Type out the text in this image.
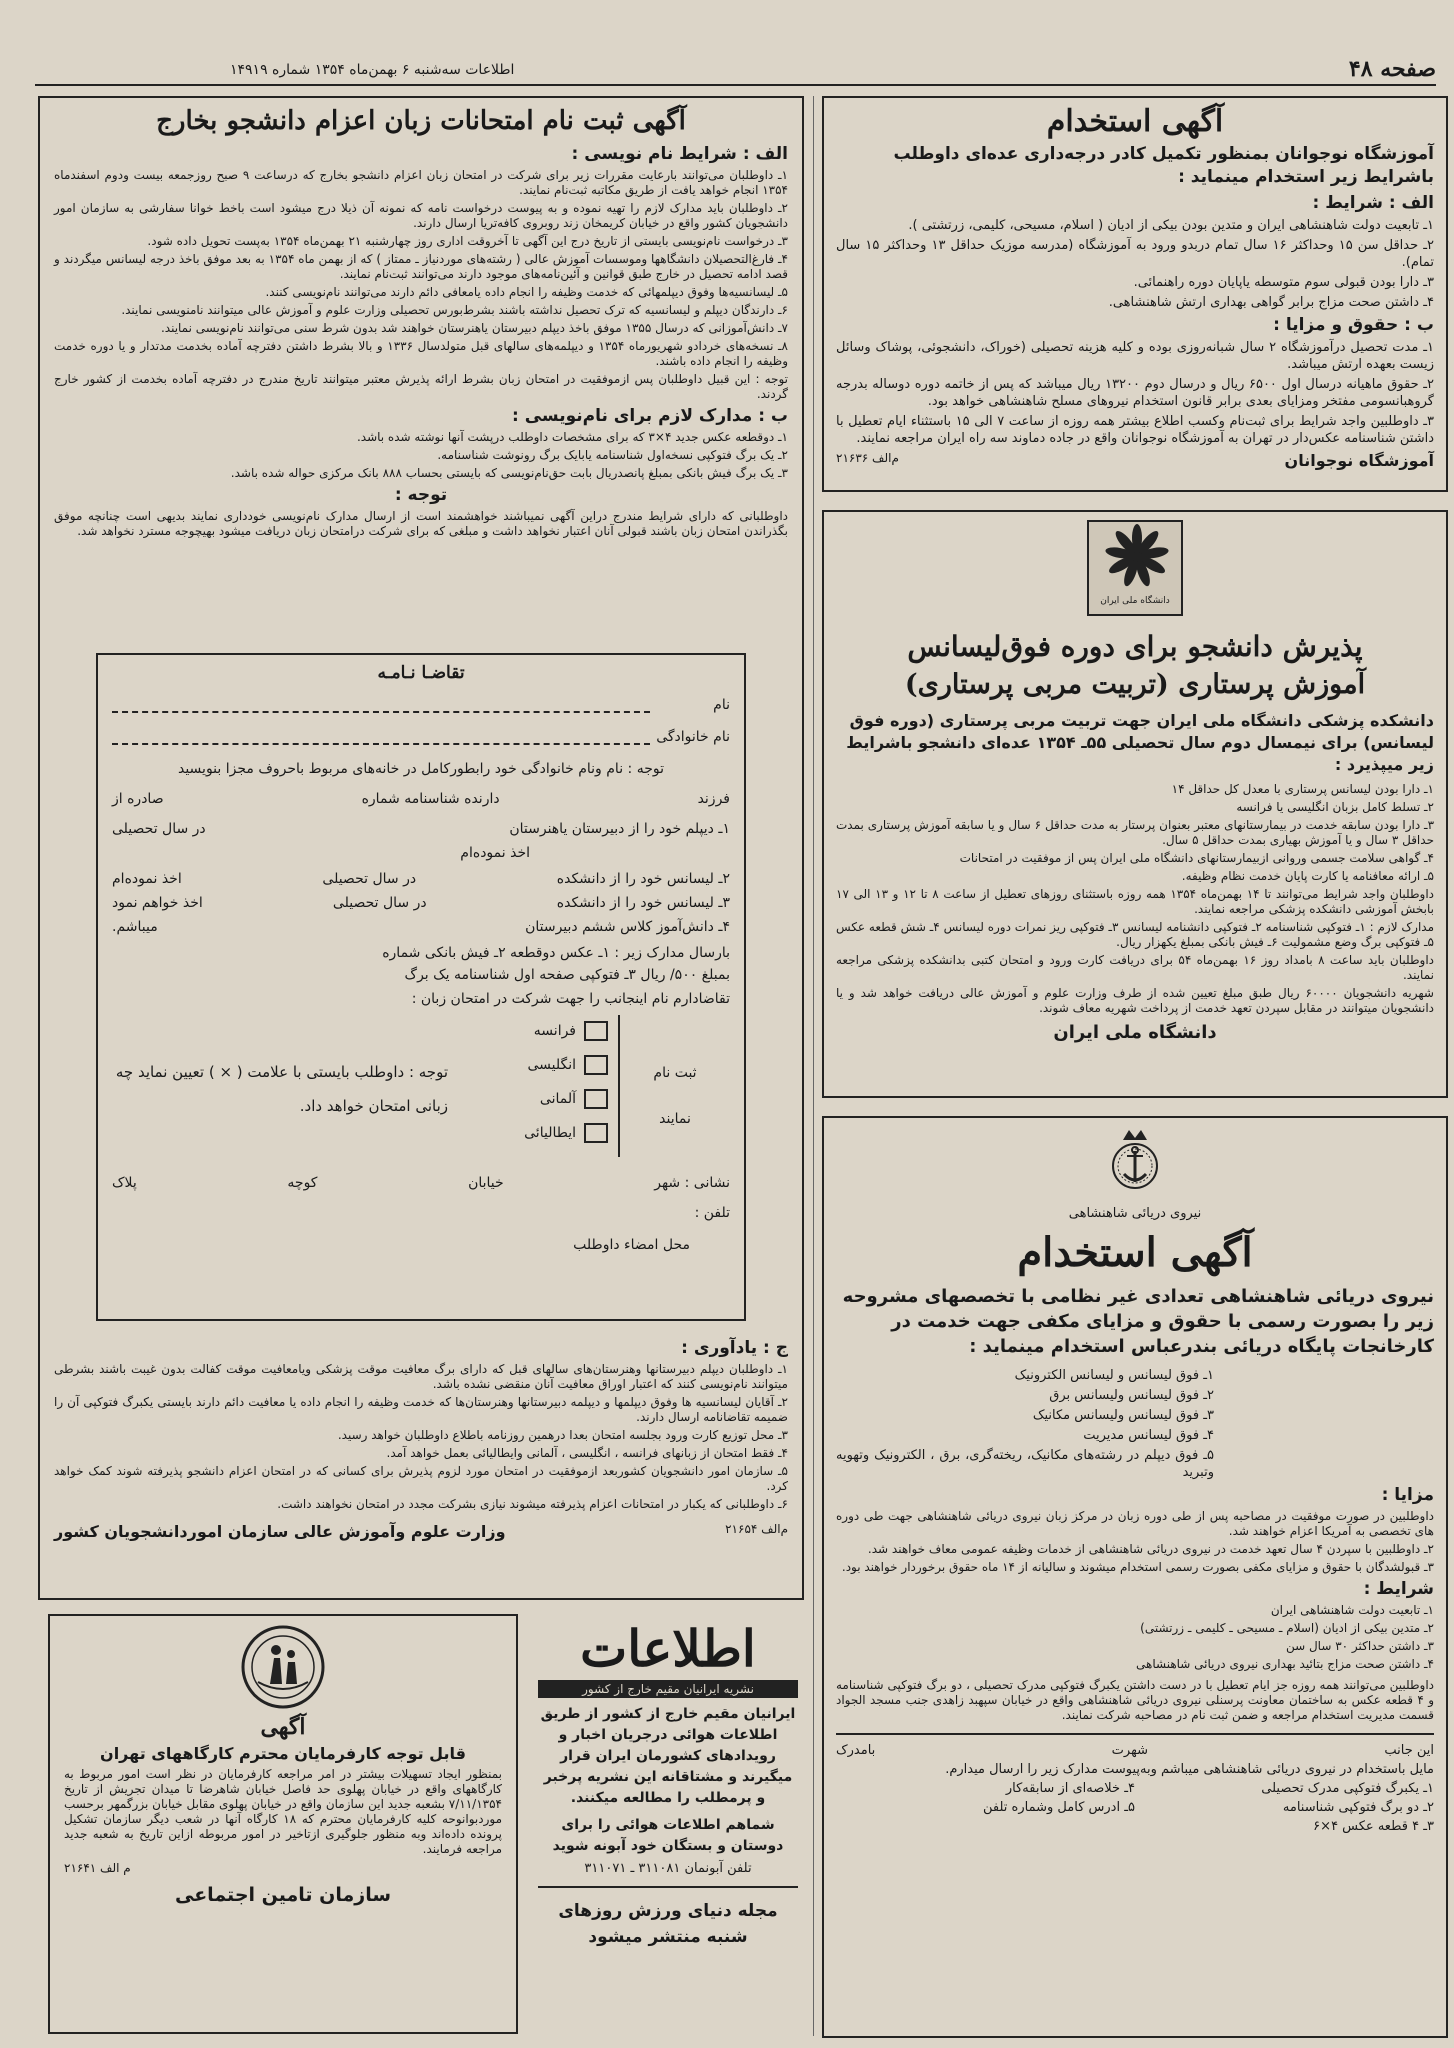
صفحه ۴۸
اطلاعات سه‌شنبه ۶ بهمن‌ماه ۱۳۵۴ شماره ۱۴۹۱۹
آگهی استخدام
آموزشگاه نوجوانان بمنظور تکمیل کادر درجه‌داری عده‌ای داوطلب باشرایط زیر استخدام مینماید :
الف : شرایط :

۱ـ تابعیت دولت شاهنشاهی ایران و متدین بودن بیکی از ادیان ( اسلام، مسیحی، کلیمی، زرتشتی ).

۲ـ حداقل سن ۱۵ وحداکثر ۱۶ سال تمام دربدو ورود به آموزشگاه (مدرسه موزیک حداقل ۱۳ وحداکثر ۱۵ سال تمام).

۳ـ دارا بودن قبولی سوم متوسطه یاپایان دوره راهنمائی.

۴ـ داشتن صحت مزاج برابر گواهی بهداری ارتش شاهنشاهی.

ب : حقوق و مزایا :

۱ـ مدت تحصیل درآموزشگاه ۲ سال شبانه‌روزی بوده و کلیه هزینه تحصیلی (خوراک، دانشجوئی، پوشاک وسائل زیست بعهده ارتش میباشد.

۲ـ حقوق ماهیانه درسال اول ۶۵۰۰ ریال و درسال دوم ۱۳۲۰۰ ریال میباشد که پس از خاتمه دوره دوساله بدرجه گروهبانسومی مفتخر ومزایای بعدی برابر قانون استخدام نیروهای مسلح شاهنشاهی خواهد بود.

۳ـ داوطلبین واجد شرایط برای ثبت‌نام وکسب اطلاع بیشتر همه روزه از ساعت ۷ الی ۱۵ باستثناء ایام تعطیل با داشتن شناسنامه عکس‌دار در تهران به آموزشگاه نوجوانان واقع در جاده دماوند سه راه ایران مراجعه نمایند.

آموزشگاه نوجوانان
م‌الف ۲۱۶۳۶
دانشگاه ملی ایران
پذیرش دانشجو برای دوره فوق‌لیسانس
آموزش پرستاری (تربیت مربی پرستاری)
دانشکده پزشکی دانشگاه ملی ایران جهت تربیت مربی پرستاری (دوره فوق لیسانس) برای نیمسال دوم سال تحصیلی ۵۵ـ ۱۳۵۴ عده‌ای دانشجو باشرایط زیر میپذیرد :

۱ـ دارا بودن لیسانس پرستاری با معدل کل حداقل ۱۴

۲ـ تسلط کامل بزبان انگلیسی یا فرانسه

۳ـ دارا بودن سابقه خدمت در بیمارستانهای معتبر بعنوان پرستار به مدت حداقل ۶ سال و یا سابقه آموزش پرستاری بمدت حداقل ۳ سال و یا آموزش بهیاری بمدت حداقل ۵ سال.

۴ـ گواهی سلامت جسمی وروانی ازبیمارستانهای دانشگاه ملی ایران پس از موفقیت در امتحانات

۵ـ ارائه معافنامه یا کارت پایان خدمت نظام وظیفه.

داوطلبان واجد شرایط می‌توانند تا ۱۴ بهمن‌ماه ۱۳۵۴ همه روزه باستثنای روزهای تعطیل از ساعت ۸ تا ۱۲ و ۱۳ الی ۱۷ بابخش آموزشی دانشکده پزشکی مراجعه نمایند.

مدارک لازم : ۱ـ فتوکپی شناسنامه ۲ـ فتوکپی دانشنامه لیسانس ۳ـ فتوکپی ریز نمرات دوره لیسانس ۴ـ شش قطعه عکس ۵ـ فتوکپی برگ وضع مشمولیت ۶ـ فیش بانکی بمبلغ یکهزار ریال.

داوطلبان باید ساعت ۸ بامداد روز ۱۶ بهمن‌ماه ۵۴ برای دریافت کارت ورود و امتحان کتبی بدانشکده پزشکی مراجعه نمایند.

شهریه دانشجویان ۶۰۰۰۰ ریال طبق مبلغ تعیین شده از طرف وزارت علوم و آموزش عالی دریافت خواهد شد و یا دانشجویان میتوانند در مقابل سپردن تعهد خدمت از پرداخت شهریه معاف شوند.

دانشگاه ملی ایران
نیروی دریائی شاهنشاهی
آگهی استخدام
نیروی دریائی شاهنشاهی تعدادی غیر نظامی با تخصصهای مشروحه زیر را بصورت رسمی با حقوق و مزایای مکفی جهت خدمت در کارخانجات پایگاه دریائی بندرعباس استخدام مینماید :

۱ـ فوق لیسانس و لیسانس الکترونیک

۲ـ فوق لیسانس ولیسانس برق

۳ـ فوق لیسانس ولیسانس مکانیک

۴ـ فوق لیسانس مدیریت

۵ـ فوق دیپلم در رشته‌های مکانیک، ریخته‌گری، برق ، الکترونیک وتهویه وتبرید

مزایا :

داوطلبین در صورت موفقیت در مصاحبه پس از طی دوره زبان در مرکز زبان نیروی دریائی شاهنشاهی جهت طی دوره های تخصصی به آمریکا اعزام خواهند شد.

۲ـ داوطلبین با سپردن ۴ سال تعهد خدمت در نیروی دریائی شاهنشاهی از خدمات وظیفه عمومی معاف خواهند شد.

۳ـ قبولشدگان با حقوق و مزایای مکفی بصورت رسمی استخدام میشوند و سالیانه از ۱۴ ماه حقوق برخوردار خواهند بود.

شرایط :

۱ـ تابعیت دولت شاهنشاهی ایران

۲ـ متدین بیکی از ادیان (اسلام ـ مسیحی ـ کلیمی ـ زرتشتی)

۳ـ داشتن حداکثر ۳۰ سال سن

۴ـ داشتن صحت مزاج بتائید بهداری نیروی دریائی شاهنشاهی

داوطلبین می‌توانند همه روزه جز ایام تعطیل با در دست داشتن یکبرگ فتوکپی مدرک تحصیلی ، دو برگ فتوکپی شناسنامه و ۴ قطعه عکس به ساختمان معاونت پرسنلی نیروی دریائی شاهنشاهی واقع در خیابان سپهبد زاهدی جنب مسجد الجواد قسمت مدیریت استخدام مراجعه و ضمن ثبت نام در مصاحبه شرکت نمایند.
این جانب
شهرت
بامدرک
مایل باستخدام در نیروی دریائی شاهنشاهی میباشم وبه‌پیوست مدارک زیر را ارسال میدارم.
۱ـ یکبرگ فتوکپی مدرک تحصیلی
۲ـ دو برگ فتوکپی شناسنامه
۳ـ ۴ قطعه عکس ۴×۶
۴ـ خلاصه‌ای از سابقه‌کار
۵ـ ادرس کامل وشماره تلفن
آگهی ثبت نام امتحانات زبان اعزام دانشجو بخارج
الف : شرایط نام نویسی :

۱ـ داوطلبان می‌توانند بارعایت مقررات زیر برای شرکت در امتحان زبان اعزام دانشجو بخارج که درساعت ۹ صبح روزجمعه بیست ودوم اسفندماه ۱۳۵۴ انجام خواهد یافت از طریق مکاتبه ثبت‌نام نمایند.

۲ـ داوطلبان باید مدارک لازم را تهیه نموده و به پیوست درخواست نامه که نمونه آن ذیلا درج میشود است باخط خوانا سفارشی به سازمان امور دانشجویان کشور واقع در خیابان کریمخان زند روبروی کافه‌تریا ارسال دارند.

۳ـ درخواست نام‌نویسی بایستی از تاریخ درج این آگهی تا آخروقت اداری روز چهارشنبه ۲۱ بهمن‌ماه ۱۳۵۴ به‌پست تحویل داده شود.

۴ـ فارغ‌التحصیلان دانشگاهها وموسسات آموزش عالی ( رشته‌های موردنیاز ـ ممتاز ) که از بهمن ماه ۱۳۵۴ به بعد موفق باخذ درجه لیسانس میگردند و قصد ادامه تحصیل در خارج طبق قوانین و آئین‌نامه‌های موجود دارند می‌توانند ثبت‌نام نمایند.

۵ـ لیسانسیه‌ها وفوق دیپلمهائی که خدمت وظیفه را انجام داده یامعافی دائم دارند می‌توانند نام‌نویسی کنند.

۶ـ دارندگان دیپلم و لیسانسیه که ترک تحصیل نداشته باشند بشرط‌بورس تحصیلی وزارت علوم و آموزش عالی میتوانند نامنویسی نمایند.

۷ـ دانش‌آموزانی که درسال ۱۳۵۵ موفق باخذ دیپلم دبیرستان یاهنرستان خواهند شد بدون شرط سنی می‌توانند نام‌نویسی نمایند.

۸ـ نسخه‌های خردادو شهریورماه ۱۳۵۴ و دیپلمه‌های سالهای قبل متولدسال ۱۳۳۶ و بالا بشرط داشتن دفترچه آماده بخدمت مدتدار و یا دوره خدمت وظیفه را انجام داده باشند.

توجه : این قبیل داوطلبان پس ازموفقیت در امتحان زبان بشرط ارائه پذیرش معتبر میتوانند تاریخ مندرج در دفترچه آماده بخدمت از کشور خارج گردند.

ب : مدارک لازم برای نام‌نویسی :

۱ـ دوقطعه عکس جدید ۴×۳ که برای مشخصات داوطلب درپشت آنها نوشته شده باشد.

۲ـ یک برگ فتوکپی نسخه‌اول شناسنامه یابایک برگ رونوشت شناسنامه.

۳ـ یک برگ فیش بانکی بمبلغ پانصدریال بابت حق‌نام‌نویسی که بایستی بحساب ۸۸۸ بانک مرکزی حواله شده باشد.

توجه :
داوطلبانی که دارای شرایط مندرج دراین آگهی نمیباشند خواهشمند است از ارسال مدارک نام‌نویسی خودداری نمایند بدیهی است چنانچه موفق بگذراندن امتحان زبان باشند قبولی آنان اعتبار نخواهد داشت و مبلغی که برای شرکت درامتحان زبان دریافت میشود بهیچوجه مسترد نخواهد شد.
تقاضـا نـامـه
نام
نام خانوادگی
توجه : نام ونام خانوادگی خود رابطورکامل در خانه‌های مربوط باحروف مجزا بنویسید
فرزند
دارنده شناسنامه شماره
صادره از
۱ـ دیپلم خود را از دبیرستان یاهنرستان
در سال تحصیلی
اخذ نموده‌ام
۲ـ لیسانس خود را از دانشکده
در سال تحصیلی
اخذ نموده‌ام
۳ـ لیسانس خود را از دانشکده
در سال تحصیلی
اخذ خواهم نمود
۴ـ دانش‌آموز کلاس ششم دبیرستان
میباشم.
بارسال مدارک زیر : ۱ـ عکس دوقطعه ۲ـ فیش بانکی شماره
بمبلغ ۵۰۰/ ریال ۳ـ فتوکپی صفحه اول شناسنامه یک برگ
تقاضادارم نام اینجانب را جهت شرکت در امتحان زبان :
ثبت نام
نمایند
فرانسه
انگلیسی
آلمانی
ایطالیائی
توجه : داوطلب بایستی با علامت ( × ) تعیین نماید چه زبانی امتحان خواهد داد.
نشانی : شهر
خیابان
کوچه
پلاک
تلفن :
محل امضاء داوطلب
ج : یادآوری :

۱ـ داوطلبان دیپلم دبیرستانها وهنرستان‌های سالهای قبل که دارای برگ معافیت موقت پزشکی ویامعافیت موقت کفالت بدون غیبت باشند بشرطی میتوانند نام‌نویسی کنند که اعتبار اوراق معافیت آنان منقضی نشده باشد.

۲ـ آقایان لیسانسیه ها وفوق دیپلمها و دیپلمه دبیرستانها وهنرستان‌ها که خدمت وظیفه را انجام داده یا معافیت دائم دارند بایستی یکبرگ فتوکپی آن را ضمیمه تقاضانامه ارسال دارند.

۳ـ محل توزیع کارت ورود بجلسه امتحان بعدا درهمین روزنامه باطلاع داوطلبان خواهد رسید.

۴ـ فقط امتحان از زبانهای فرانسه ، انگلیسی ، آلمانی وایطالیائی بعمل خواهد آمد.

۵ـ سازمان امور دانشجویان کشوربعد ازموفقیت در امتحان مورد لزوم پذیرش برای کسانی که در امتحان اعزام دانشجو پذیرفته شوند کمک خواهد کرد.

۶ـ داوطلبانی که یکبار در امتحانات اعزام پذیرفته میشوند نیازی بشرکت مجدد در امتحان نخواهند داشت.

م‌الف ۲۱۶۵۴
وزارت علوم وآموزش عالی سازمان اموردانشجویان کشور
اطلاعات
نشریه ایرانیان مقیم خارج از کشور
ایرانیان مقیم خارج از کشور از طریق اطلاعات هوائی درجریان اخبار و رویدادهای کشورمان ایران قرار میگیرند و مشتاقانه این نشریه پرخبر و پرمطلب را مطالعه میکنند.
شماهم اطلاعات هوائی را برای دوستان و بستگان خود آبونه شوید
تلفن آبونمان ۳۱۱۰۸۱ ـ ۳۱۱۰۷۱
مجله دنیای ورزش روزهای شنبه منتشر میشود
آگهی
قابل توجه کارفرمایان محترم کارگاههای تهران
بمنظور ایجاد تسهیلات بیشتر در امر مراجعه کارفرمایان در نظر است امور مربوط به کارگاههای واقع در خیابان پهلوی حد فاصل خیابان شاهرضا تا میدان تجریش از تاریخ ۷/۱۱/۱۳۵۴ بشعبه جدید این سازمان واقع در خیابان پهلوی مقابل خیابان بزرگمهر برحسب موردبوانوحه کلیه کارفرمایان محترم که ۱۸ کارگاه آنها در شعب دیگر سازمان تشکیل پرونده داده‌اند وبه منظور جلوگیری ازتاخیر در امور مربوطه ازاین تاریخ به شعبه جدید مراجعه فرمایند.
م الف ۲۱۶۴۱
سازمان تامین اجتماعی
